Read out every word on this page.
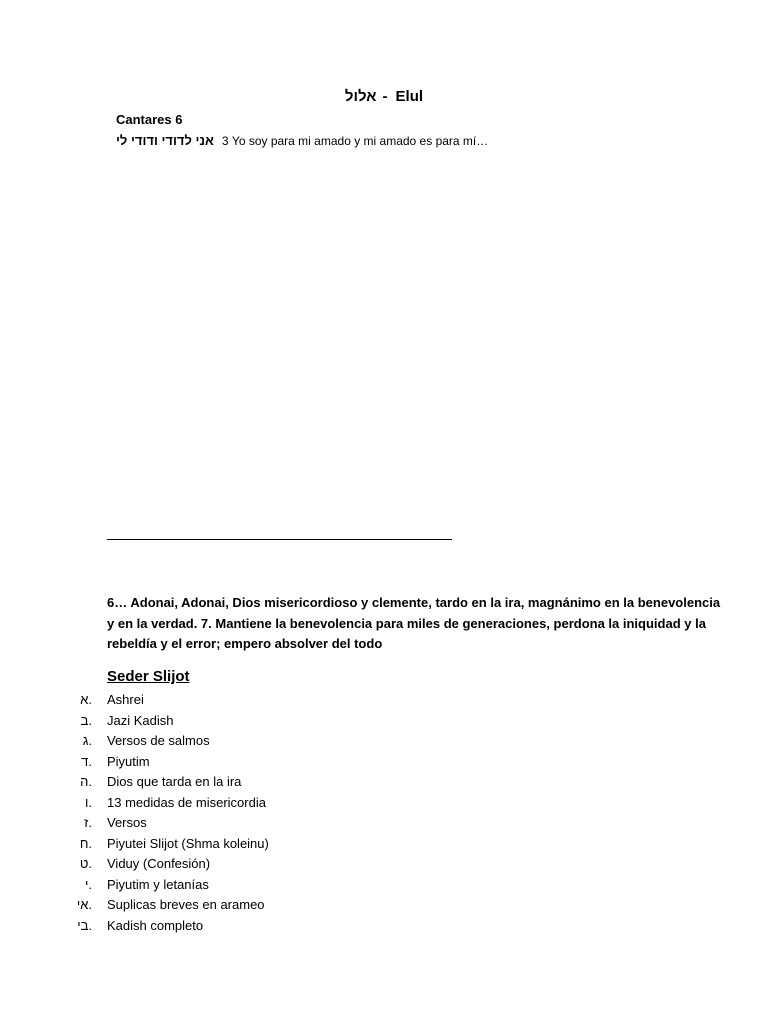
אלול - Elul
Cantares 6
אני לדודי ודודי לי 3 Yo soy para mi amado y mi amado es para mí…
6… Adonai, Adonai, Dios misericordioso y clemente, tardo en la ira, magnánimo en la benevolencia y en la verdad. 7. Mantiene la benevolencia para miles de generaciones, perdona la iniquidad y la rebeldía y el error; empero absolver del todo
Seder Slijot
א. Ashrei
ב. Jazi Kadish
ג. Versos de salmos
ד. Piyutim
ה. Dios que tarda en la ira
ו. 13 medidas de misericordia
ז. Versos
ח. Piyutei Slijot (Shma koleinu)
ט. Viduy (Confesión)
י. Piyutim y letanías
יא. Suplicas breves en arameo
יב. Kadish completo
